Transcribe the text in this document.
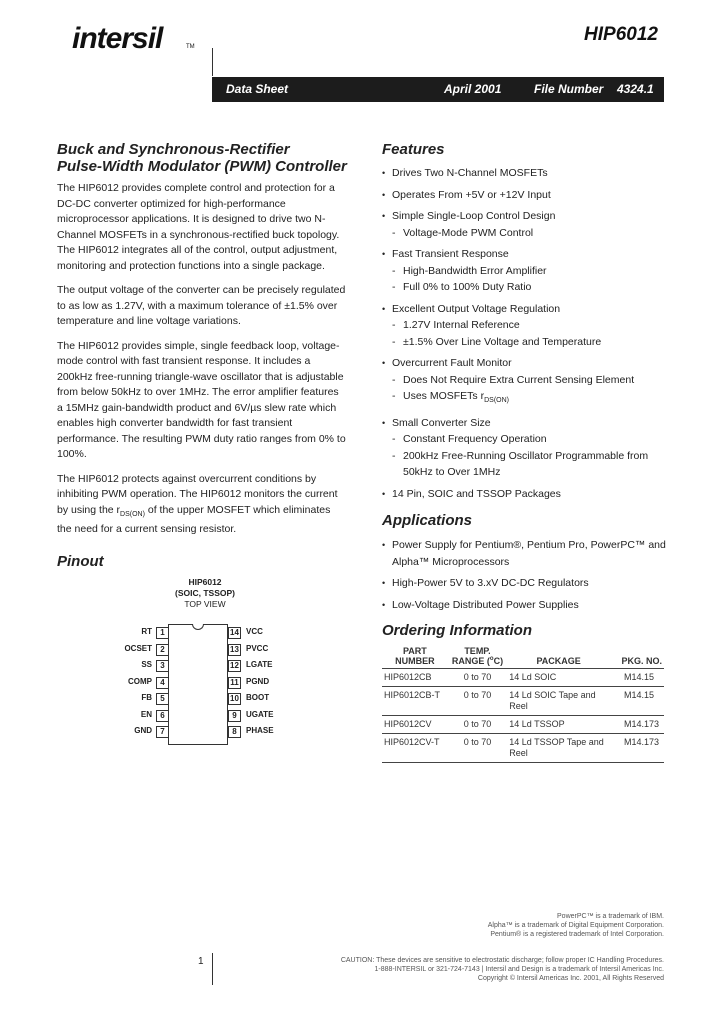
intersil	TM
HIP6012
Data Sheet	April 2001	File Number 4324.1
Buck and Synchronous-Rectifier
Pulse-Width Modulator (PWM) Controller

The HIP6012 provides complete control and protection for a DC-DC converter optimized for high-performance microprocessor applications. It is designed to drive two N-Channel MOSFETs in a synchronous-rectified buck topology. The HIP6012 integrates all of the control, output adjustment, monitoring and protection functions into a single package.

The output voltage of the converter can be precisely regulated to as low as 1.27V, with a maximum tolerance of ±1.5% over temperature and line voltage variations.

The HIP6012 provides simple, single feedback loop, voltage-mode control with fast transient response. It includes a 200kHz free-running triangle-wave oscillator that is adjustable from below 50kHz to over 1MHz. The error amplifier features a 15MHz gain-bandwidth product and 6V/µs slew rate which enables high converter bandwidth for fast transient performance. The resulting PWM duty ratio ranges from 0% to 100%.

The HIP6012 protects against overcurrent conditions by inhibiting PWM operation. The HIP6012 monitors the current by using the $r_{DS(ON)}$ of the upper MOSFET which eliminates the need for a current sensing resistor.

Pinout
HIP6012
(SOIC, TSSOP)
TOP VIEW
RT	1
OCSET	2
SS	3
COMP	4
FB	5
EN	6
GND	7
14 VCC
13 PVCC
12 LGATE
11 PGND
10 BOOT
9	UGATE
8	PHASE
Features
• Drives Two N-Channel MOSFETs
• Operates From +5V or +12V Input
• Simple Single-Loop Control Design
- Voltage-Mode PWM Control
• Fast Transient Response
- High-Bandwidth Error Amplifier
- Full 0% to 100% Duty Ratio
• Excellent Output Voltage Regulation
- 1.27V Internal Reference
- ±1.5% Over Line Voltage and Temperature
• Overcurrent Fault Monitor
- Does Not Require Extra Current Sensing Element
- Uses MOSFETs $r_{DS(ON)}$
• Small Converter Size
- Constant Frequency Operation
- 200kHz Free-Running Oscillator Programmable from 50kHz to Over 1MHz
• 14 Pin, SOIC and TSSOP Packages
Applications
• Power Supply for Pentium®, Pentium Pro, PowerPC™ and Alpha™ Microprocessors
• High-Power 5V to 3.xV DC-DC Regulators
• Low-Voltage Distributed Power Supplies
Ordering Information
PART NUMBER	TEMP. RANGE ($^o$C)	PACKAGE	PKG. NO.
HIP6012CB	0 to 70	14 Ld SOIC	M14.15
HIP6012CB-T	0 to 70	14 Ld SOIC Tape and Reel	M14.15
HIP6012CV	0 to 70	14 Ld TSSOP	M14.173
HIP6012CV-T	0 to 70	14 Ld TSSOP Tape and Reel	M14.173
PowerPC™ is a trademark of IBM.
Alpha™ is a trademark of Digital Equipment Corporation.
Pentium® is a registered trademark of Intel Corporation.
1	CAUTION: These devices are sensitive to electrostatic discharge; follow proper IC Handling Procedures.
1-888-INTERSIL or 321-724-7143 | Intersil and Design is a trademark of Intersil Americas Inc.
Copyright © Intersil Americas Inc. 2001, All Rights Reserved
